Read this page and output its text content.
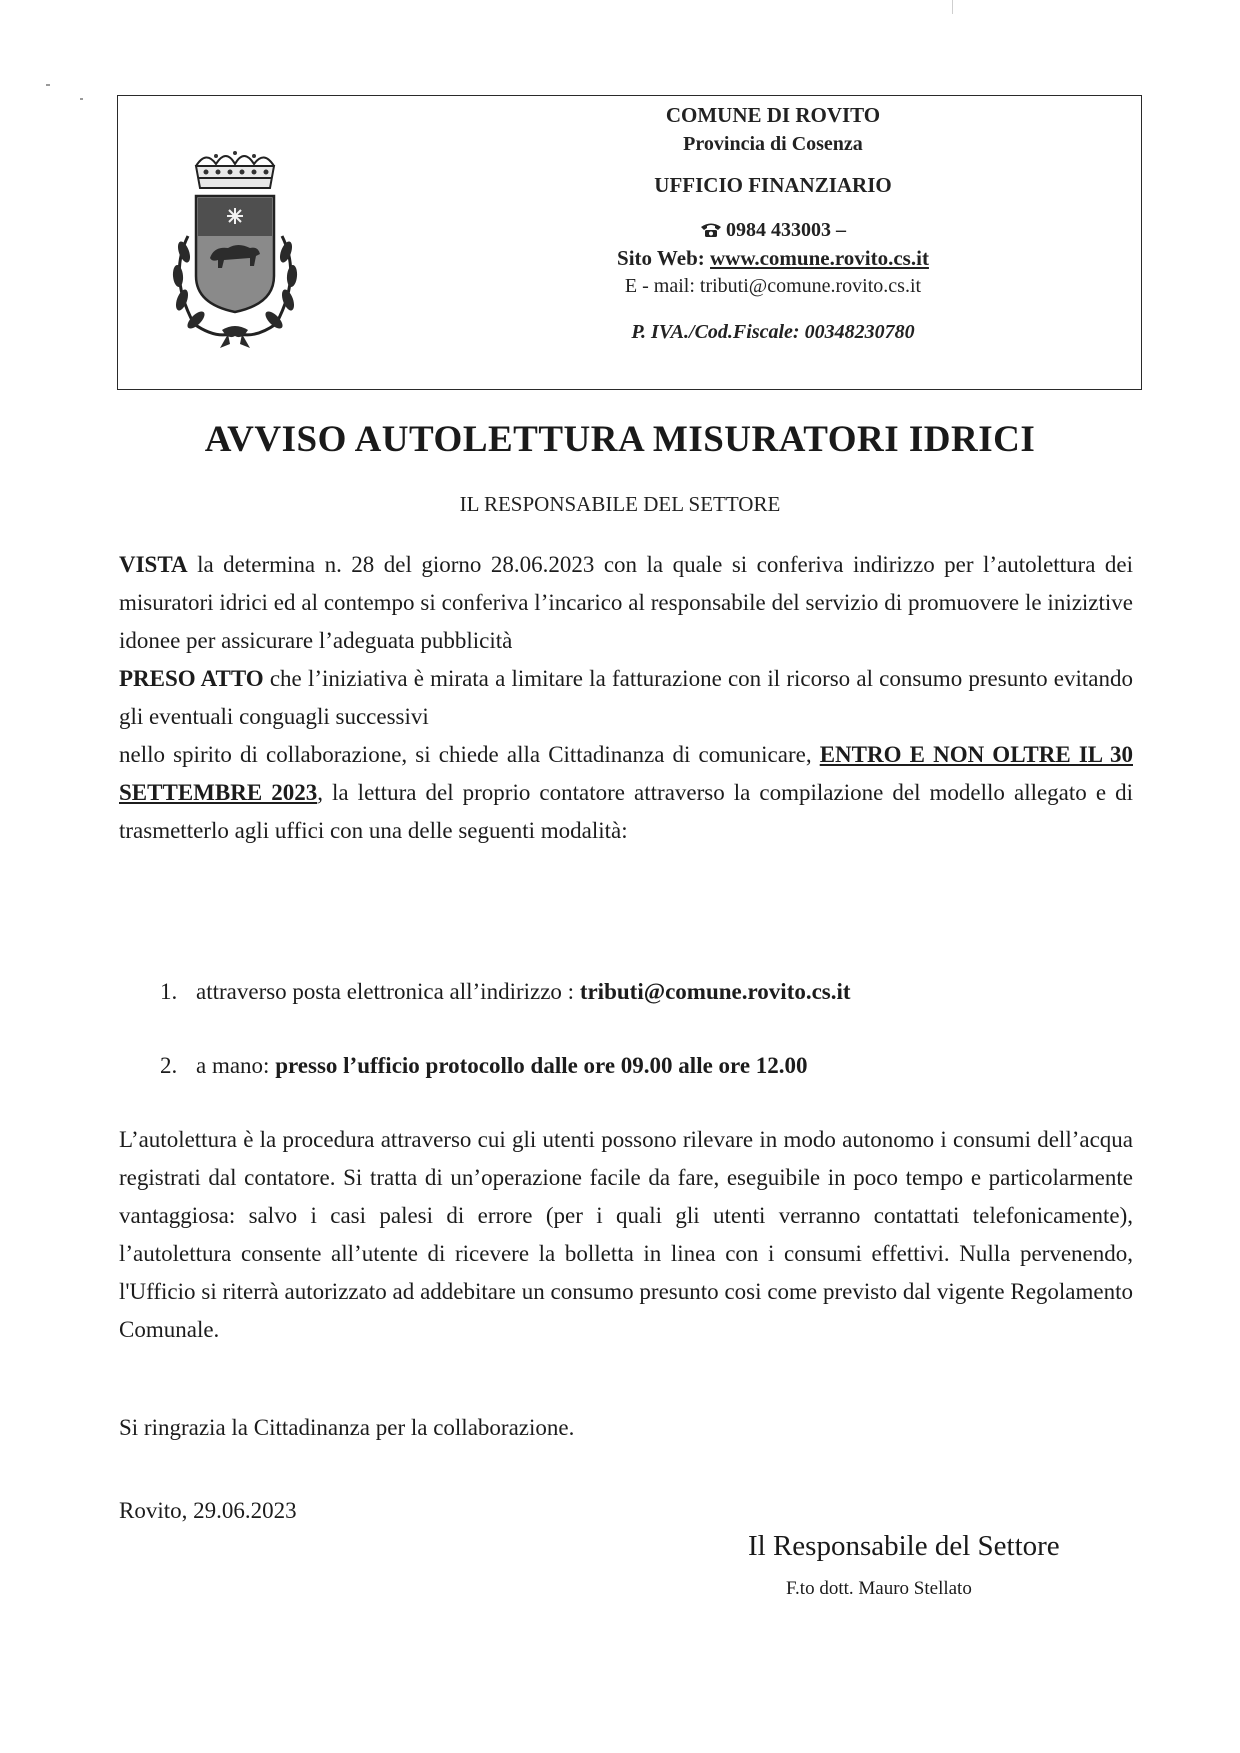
COMUNE DI ROVITO
Provincia di Cosenza
UFFICIO FINANZIARIO
0984 433003 –
Sito Web: www.comune.rovito.cs.it
E - mail: tributi@comune.rovito.cs.it
P. IVA./Cod.Fiscale: 00348230780
AVVISO AUTOLETTURA MISURATORI IDRICI
IL RESPONSABILE DEL SETTORE

VISTA la determina n. 28 del giorno 28.06.2023 con la quale si conferiva indirizzo per l’autolettura dei misuratori idrici ed al contempo si conferiva l’incarico al responsabile del servizio di promuovere le iniziztive idonee per assicurare l’adeguata pubblicità

PRESO ATTO che l’iniziativa è mirata a limitare la fatturazione con il ricorso al consumo presunto evitando gli eventuali conguagli successivi

nello spirito di collaborazione, si chiede alla Cittadinanza di comunicare, ENTRO E NON OLTRE IL 30 SETTEMBRE 2023, la lettura del proprio contatore attraverso la compilazione del modello allegato e di trasmetterlo agli uffici con una delle seguenti modalità:

1. attraverso posta elettronica all’indirizzo : tributi@comune.rovito.cs.it
2. a mano: presso l’ufficio protocollo dalle ore 09.00 alle ore 12.00

L’autolettura è la procedura attraverso cui gli utenti possono rilevare in modo autonomo i consumi dell’acqua registrati dal contatore. Si tratta di un’operazione facile da fare, eseguibile in poco tempo e particolarmente vantaggiosa: salvo i casi palesi di errore (per i quali gli utenti verranno contattati telefonicamente), l’autolettura consente all’utente di ricevere la bolletta in linea con i consumi effettivi. Nulla pervenendo, l'Ufficio si riterrà autorizzato ad addebitare un consumo presunto cosi come previsto dal vigente Regolamento Comunale.

Si ringrazia la Cittadinanza per la collaborazione.
Rovito, 29.06.2023
Il Responsabile del Settore
F.to dott. Mauro Stellato
